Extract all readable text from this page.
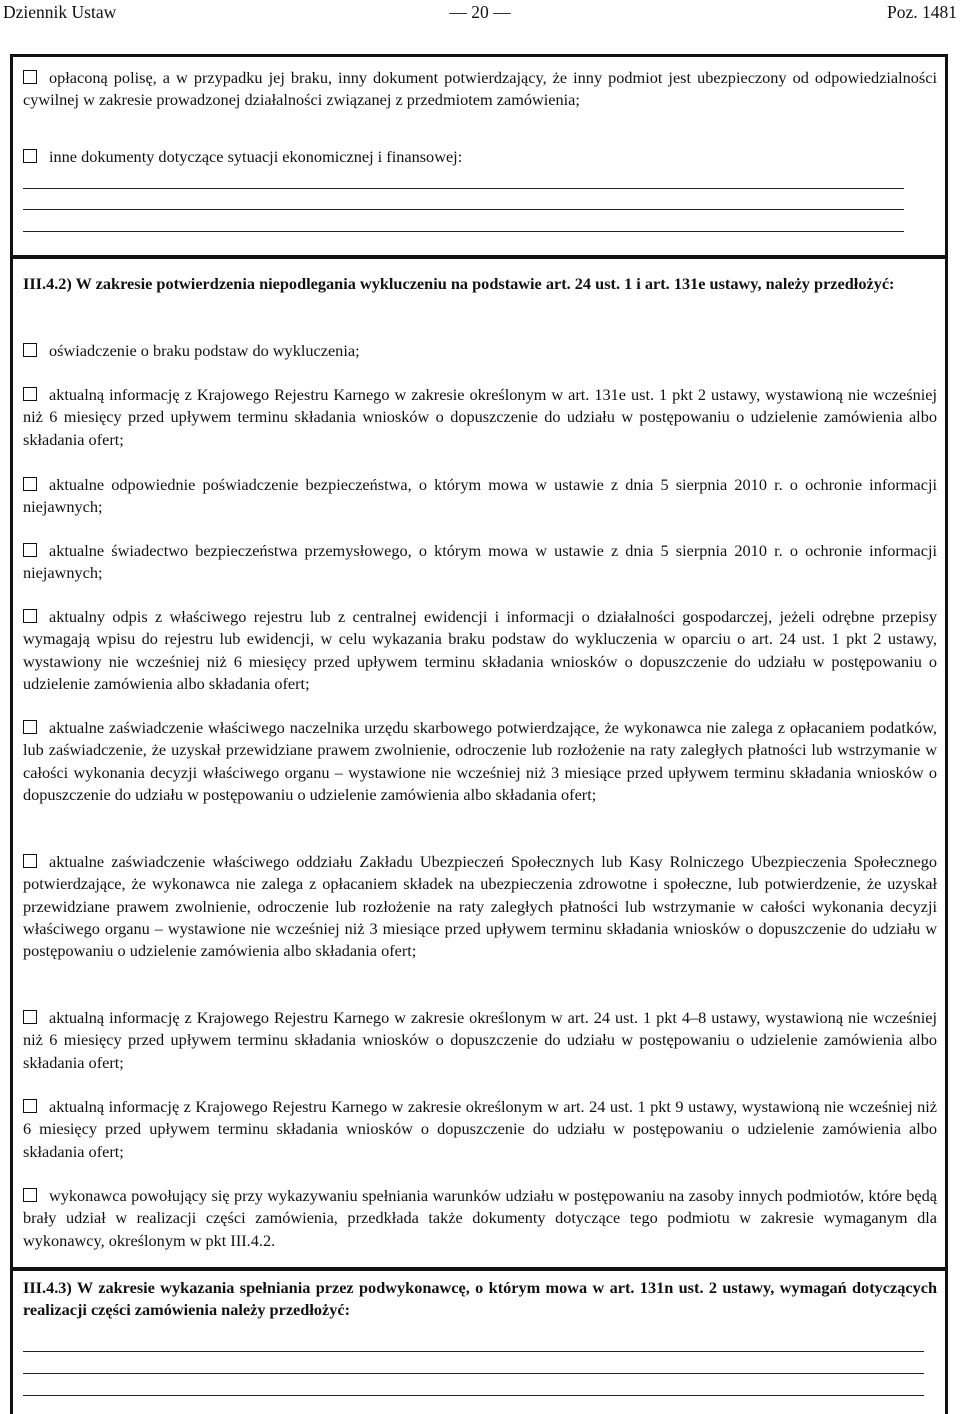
Dziennik Ustaw	— 20 —	Poz. 1481

opłaconą polisę, a w przypadku jej braku, inny dokument potwierdzający, że inny podmiot jest ubezpieczony od odpowiedzialności cywilnej w zakresie prowadzonej działalności związanej z przedmiotem zamówienia;

inne dokumenty dotyczące sytuacji ekonomicznej i finansowej:

III.4.2) W zakresie potwierdzenia niepodlegania wykluczeniu na podstawie art. 24 ust. 1 i art. 131e ustawy, należy przedłożyć:

oświadczenie o braku podstaw do wykluczenia;

aktualną informację z Krajowego Rejestru Karnego w zakresie określonym w art. 131e ust. 1 pkt 2 ustawy, wystawioną nie wcześniej niż 6 miesięcy przed upływem terminu składania wniosków o dopuszczenie do udziału w postępowaniu o udzielenie zamówienia albo składania ofert;

aktualne odpowiednie poświadczenie bezpieczeństwa, o którym mowa w ustawie z dnia 5 sierpnia 2010 r. o ochronie informacji niejawnych;

aktualne świadectwo bezpieczeństwa przemysłowego, o którym mowa w ustawie z dnia 5 sierpnia 2010 r. o ochronie informacji niejawnych;

aktualny odpis z właściwego rejestru lub z centralnej ewidencji i informacji o działalności gospodarczej, jeżeli odrębne przepisy wymagają wpisu do rejestru lub ewidencji, w celu wykazania braku podstaw do wykluczenia w oparciu o art. 24 ust. 1 pkt 2 ustawy, wystawiony nie wcześniej niż 6 miesięcy przed upływem terminu składania wniosków o dopuszczenie do udziału w postępowaniu o udzielenie zamówienia albo składania ofert;

aktualne zaświadczenie właściwego naczelnika urzędu skarbowego potwierdzające, że wykonawca nie zalega z opłacaniem podatków, lub zaświadczenie, że uzyskał przewidziane prawem zwolnienie, odroczenie lub rozłożenie na raty zaległych płatności lub wstrzymanie w całości wykonania decyzji właściwego organu – wystawione nie wcześniej niż 3 miesiące przed upływem terminu składania wniosków o dopuszczenie do udziału w postępowaniu o udzielenie zamówienia albo składania ofert;

aktualne zaświadczenie właściwego oddziału Zakładu Ubezpieczeń Społecznych lub Kasy Rolniczego Ubezpieczenia Społecznego potwierdzające, że wykonawca nie zalega z opłacaniem składek na ubezpieczenia zdrowotne i społeczne, lub potwierdzenie, że uzyskał przewidziane prawem zwolnienie, odroczenie lub rozłożenie na raty zaległych płatności lub wstrzymanie w całości wykonania decyzji właściwego organu – wystawione nie wcześniej niż 3 miesiące przed upływem terminu składania wniosków o dopuszczenie do udziału w postępowaniu o udzielenie zamówienia albo składania ofert;

aktualną informację z Krajowego Rejestru Karnego w zakresie określonym w art. 24 ust. 1 pkt 4–8 ustawy, wystawioną nie wcześniej niż 6 miesięcy przed upływem terminu składania wniosków o dopuszczenie do udziału w postępowaniu o udzielenie zamówienia albo składania ofert;

aktualną informację z Krajowego Rejestru Karnego w zakresie określonym w art. 24 ust. 1 pkt 9 ustawy, wystawioną nie wcześniej niż 6 miesięcy przed upływem terminu składania wniosków o dopuszczenie do udziału w postępowaniu o udzielenie zamówienia albo składania ofert;

wykonawca powołujący się przy wykazywaniu spełniania warunków udziału w postępowaniu na zasoby innych podmiotów, które będą brały udział w realizacji części zamówienia, przedkłada także dokumenty dotyczące tego podmiotu w zakresie wymaganym dla wykonawcy, określonym w pkt III.4.2.

III.4.3) W zakresie wykazania spełniania przez podwykonawcę, o którym mowa w art. 131n ust. 2 ustawy, wymagań dotyczących realizacji części zamówienia należy przedłożyć:
